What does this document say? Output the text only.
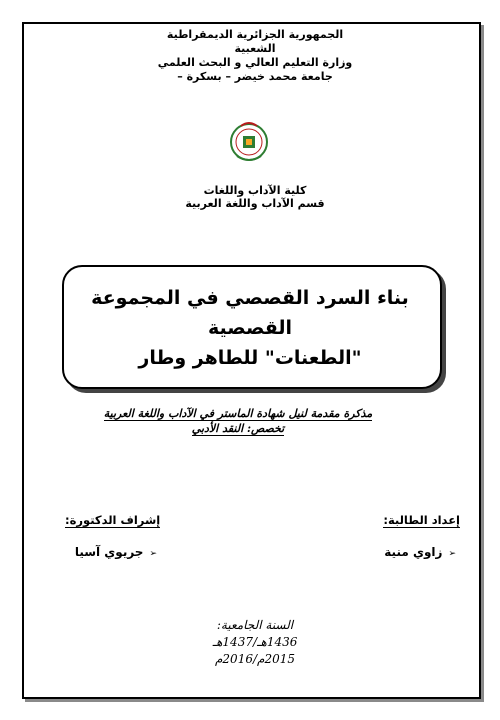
الجمهورية الجزائرية الديمقراطية الشعبية
وزارة التعليم العالي و البحث العلمي
جامعة محمد خيضر – بسكرة –
كلية الآداب واللغات
قسم الآداب واللغة العربية
بناء السرد القصصي في المجموعة القصصية
"الطعنات" للطاهر وطار
مذكرة مقدمة لنيل شهادة الماستر في الآداب واللغة العربية
تخصص: النقد الأدبي
إعداد الطالبة:
إشراف الدكتورة:
➢زاوي منية
➢جريوي آسيا
السنة الجامعية: 1436هـ/1437هـ
2015م/2016م
